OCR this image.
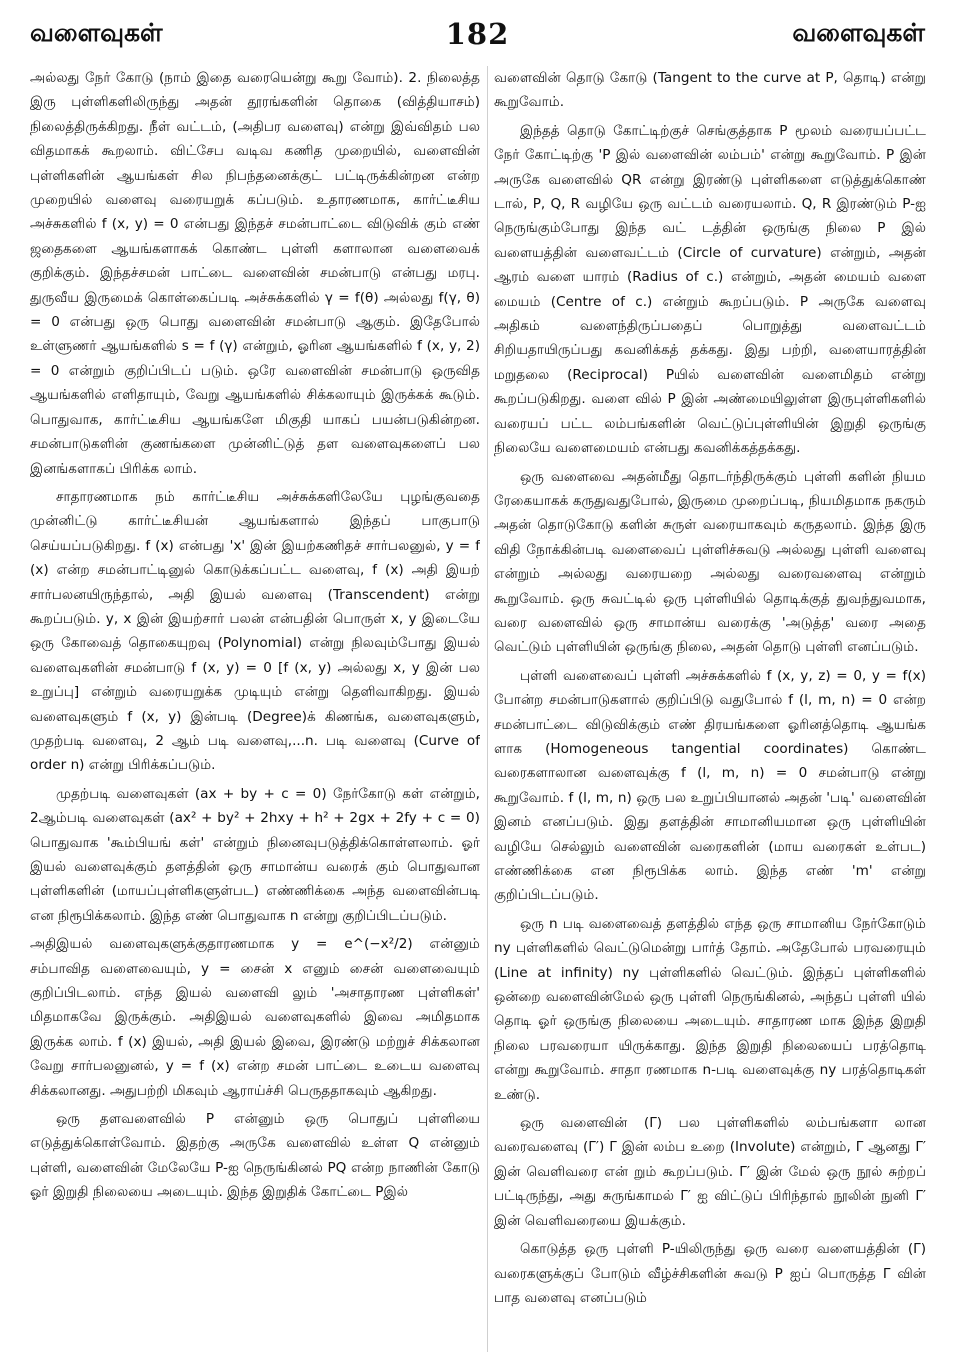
வளைவுகள்	182	வளைவுகள்

அல்லது நேர் கோடு (நாம் இதை வரையென்று கூறு வோம்). 2. நிலைத்த இரு புள்ளிகளிலிருந்து அதன் தூரங்களின் தொகை (வித்தியாசம்) நிலைத்திருக்கிறது. நீள் வட்டம், (அதிபர வளைவு) என்று இவ்விதம் பல விதமாகக் கூறலாம். விட்சேப வடிவ கணித முறையில், வளைவின் புள்ளிகளின் ஆயங்கள் சில நிபந்தனைக்குட் பட்டிருக்கின்றன என்ற முறையில் வளைவு வரையறுக் கப்படும். உதாரணமாக, கார்ட்டீசிய அச்சுகளில் f (x, y) = 0 என்பது இந்தச் சமன்பாட்டை விடுவிக் கும் எண் ஜதைகளை ஆயங்களாகக் கொண்ட புள்ளி களாலான வளைவைக் குறிக்கும். இந்தச்சமன் பாட்டை வளைவின் சமன்பாடு என்பது மரபு. துருவீய இருமைக் கொள்கைப்படி அச்சுக்களில் γ = f(θ) அல்லது f(γ, θ) = 0 என்பது ஒரு பொது வளைவின் சமன்பாடு ஆகும். இதேபோல் உள்ளுணர் ஆயங்களில் s = f (γ) என்றும், ஓரின ஆயங்களில் f (x, y, 2) = 0 என்றும் குறிப்பிடப் படும். ஒரே வளைவின் சமன்பாடு ஒருவித ஆயங்களில் எளிதாயும், வேறு ஆயங்களில் சிக்கலாயும் இருக்கக் கூடும். பொதுவாக, கார்ட்டீசிய ஆயங்களே மிகுதி யாகப் பயன்படுகின்றன. சமன்பாடுகளின் குணங்களை முன்னிட்டுத் தள வளைவுகளைப் பல இனங்களாகப் பிரிக்க லாம்.

சாதாரணமாக நம் கார்ட்டீசிய அச்சுக்களிலேயே புழங்குவதை முன்னிட்டு கார்ட்டீசியன் ஆயங்களால் இந்தப் பாகுபாடு செய்யப்படுகிறது. f (x) என்பது 'x' இன் இயற்கணிதச் சார்பலனுல், y = f (x) என்ற சமன்பாட்டினுல் கொடுக்கப்பட்ட வளைவு, f (x) அதி இயற் சார்பலனயிருந்தால், அதி இயல் வளைவு (Transcendent) என்று கூறப்படும். y, x இன் இயற்சார் பலன் என்பதின் பொருள் x, y இடையே ஒரு கோவைத் தொகையுறவு (Polynomial) என்று நிலவும்போது இயல் வளைவுகளின் சமன்பாடு f (x, y) = 0 [f (x, y) அல்லது x, y இன் பல உறுப்பு] என்றும் வரையறுக்க முடியும் என்று தெளிவாகிறது. இயல் வளைவுகளும் f (x, y) இன்படி (Degree)க் கிணங்க, வளைவுகளும், முதற்படி வளைவு, 2 ஆம் படி வளைவு,...n. படி வளைவு (Curve of order n) என்று பிரிக்கப்படும்.

முதற்படி வளைவுகள் (ax + by + c = 0) நேர்கோடு கள் என்றும், 2ஆம்படி வளைவுகள் (ax² + by² + 2hxy + h² + 2gx + 2fy + c = 0) பொதுவாக 'கூம்பியங் கள்' என்றும் நினைவுபடுத்திக்கொள்ளலாம். ஓர் இயல் வளைவுக்கும் தளத்தின் ஒரு சாமான்ய வரைக் கும் பொதுவான புள்ளிகளின் (மாயப்புள்ளிகளுள்பட) எண்ணிக்கை அந்த வளைவின்படி என நிரூபிக்கலாம். இந்த எண் பொதுவாக n என்று குறிப்பிடப்படும்.

அதிஇயல் வளைவுகளுக்குதாரணமாக y = e^(−x²/2) என்னும் சம்பாவித வளைவையும், y = சைன் x எனும் சைன் வளைவையும் குறிப்பிடலாம். எந்த இயல் வளைவி லும் 'அசாதாரண புள்ளிகள்' மிதமாகவே இருக்கும். அதிஇயல் வளைவுகளில் இவை அமிதமாக இருக்க லாம். f (x) இயல், அதி இயல் இவை, இரண்டு மற்றுச் சிக்கலான வேறு சார்பலனுனல், y = f (x) என்ற சமன் பாட்டை உடைய வளைவு சிக்கலானது. அதுபற்றி மிகவும் ஆராய்ச்சி பெருததாகவும் ஆகிறது.

ஒரு தளவளைவில் P என்னும் ஒரு பொதுப் புள்ளியை எடுத்துக்கொள்வோம். இதற்கு அருகே வளைவில் உள்ள Q என்னும் புள்ளி, வளைவின் மேலேயே P-ஐ நெருங்கினல் PQ என்ற நாணின் கோடு ஓர் இறுதி நிலையை அடையும். இந்த இறுதிக் கோட்டை Pஇல்

வளைவின் தொடு கோடு (Tangent to the curve at P, தொடி) என்று கூறுவோம்.

இந்தத் தொடு கோட்டிற்குச் செங்குத்தாக P மூலம் வரையப்பட்ட நேர் கோட்டிற்கு 'P இல் வளைவின் லம்பம்' என்று கூறுவோம். P இன் அருகே வளைவில் QR என்று இரண்டு புள்ளிகளை எடுத்துக்கொண் டால், P, Q, R வழியே ஒரு வட்டம் வரையலாம். Q, R இரண்டும் P-ஐ நெருங்கும்போது இந்த வட் டத்தின் ஒருங்கு நிலை P இல் வளையத்தின் வளைவட்டம் (Circle of curvature) என்றும், அதன் ஆரம் வளை யாரம் (Radius of c.) என்றும், அதன் மையம் வளை மையம் (Centre of c.) என்றும் கூறப்படும். P அருகே வளைவு அதிகம் வளைந்திருப்பதைப் பொறுத்து வளைவட்டம் சிறியதாயிருப்பது கவனிக்கத் தக்கது. இது பற்றி, வளையாரத்தின் மறுதலை (Reciprocal) Pயில் வளைவின் வளைமிதம் என்று கூறப்படுகிறது. வளை வில் P இன் அண்மையிலுள்ள இருபுள்ளிகளில் வரையப் பட்ட லம்பங்களின் வெட்டுப்புள்ளியின் இறுதி ஒருங்கு நிலையே வளைமையம் என்பது கவனிக்கத்தக்கது.

ஒரு வளைவை அதன்மீது தொடர்ந்திருக்கும் புள்ளி களின் நியம ரேகையாகக் கருதுவதுபோல், இருமை முறைப்படி, நியமிதமாக நகரும் அதன் தொடுகோடு களின் சுருள் வரையாகவும் கருதலாம். இந்த இரு விதி நோக்கின்படி வளைவைப் புள்ளிச்சுவடு அல்லது புள்ளி வளைவு என்றும் அல்லது வரையறை அல்லது வரைவளைவு என்றும் கூறுவோம். ஒரு சுவட்டில் ஒரு புள்ளியில் தொடிக்குத் துவந்துவமாக, வரை வளைவில் ஒரு சாமான்ய வரைக்கு 'அடுத்த' வரை அதை வெட்டும் புள்ளியின் ஒருங்கு நிலை, அதன் தொடு புள்ளி எனப்படும்.

புள்ளி வளைவைப் புள்ளி அச்சுக்களில் f (x, y, z) = 0, y = f(x) போன்ற சமன்பாடுகளால் குறிப்பிடு வதுபோல் f (l, m, n) = 0 என்ற சமன்பாட்டை விடுவிக்கும் எண் திரயங்களை ஓரினத்தொடி ஆயங்க ளாக (Homogeneous tangential coordinates) கொண்ட வரைகளாலான வளைவுக்கு f (l, m, n) = 0 சமன்பாடு என்று கூறுவோம். f (l, m, n) ஒரு பல உறுப்பியானல் அதன் 'படி' வளைவின் இனம் எனப்படும். இது தளத்தின் சாமானியமான ஒரு புள்ளியின் வழியே செல்லும் வளைவின் வரைகளின் (மாய வரைகள் உள்பட) எண்ணிக்கை என நிரூபிக்க லாம். இந்த எண் 'm' என்று குறிப்பிடப்படும்.

ஒரு n படி வளைவைத் தளத்தில் எந்த ஒரு சாமானிய நேர்கோடும் ny புள்ளிகளில் வெட்டுமென்று பார்த் தோம். அதேபோல் பரவரையும் (Line at infinity) ny புள்ளிகளில் வெட்டும். இந்தப் புள்ளிகளில் ஒன்றை வளைவின்மேல் ஒரு புள்ளி நெருங்கினல், அந்தப் புள்ளி யில் தொடி ஓர் ஒருங்கு நிலையை அடையும். சாதாரண மாக இந்த இறுதி நிலை பரவரையா யிருக்காது. இந்த இறுதி நிலையைப் பரத்தொடி என்று கூறுவோம். சாதா ரணமாக n-படி வளைவுக்கு ny பரத்தொடிகள் உண்டு.

ஒரு வளைவின் (Γ) பல புள்ளிகளில் லம்பங்களா லான வரைவளைவு (Γ′) Γ இன் லம்ப உறை (Involute) என்றும், Γ ஆனது Γ′ இன் வெளிவரை என் றும் கூறப்படும். Γ′ இன் மேல் ஒரு நூல் சுற்றப் பட்டிருந்து, அது சுருங்காமல் Γ′ ஐ விட்டுப் பிரிந்தால் நூலின் நுனி Γ′ இன் வெளிவரையை இயக்கும்.

கொடுத்த ஒரு புள்ளி P-யிலிருந்து ஒரு வரை வளையத்தின் (Γ) வரைகளுக்குப் போடும் வீழ்ச்சிகளின் சுவடு P ஐப் பொருத்த Γ வின் பாத வளைவு எனப்படும்
